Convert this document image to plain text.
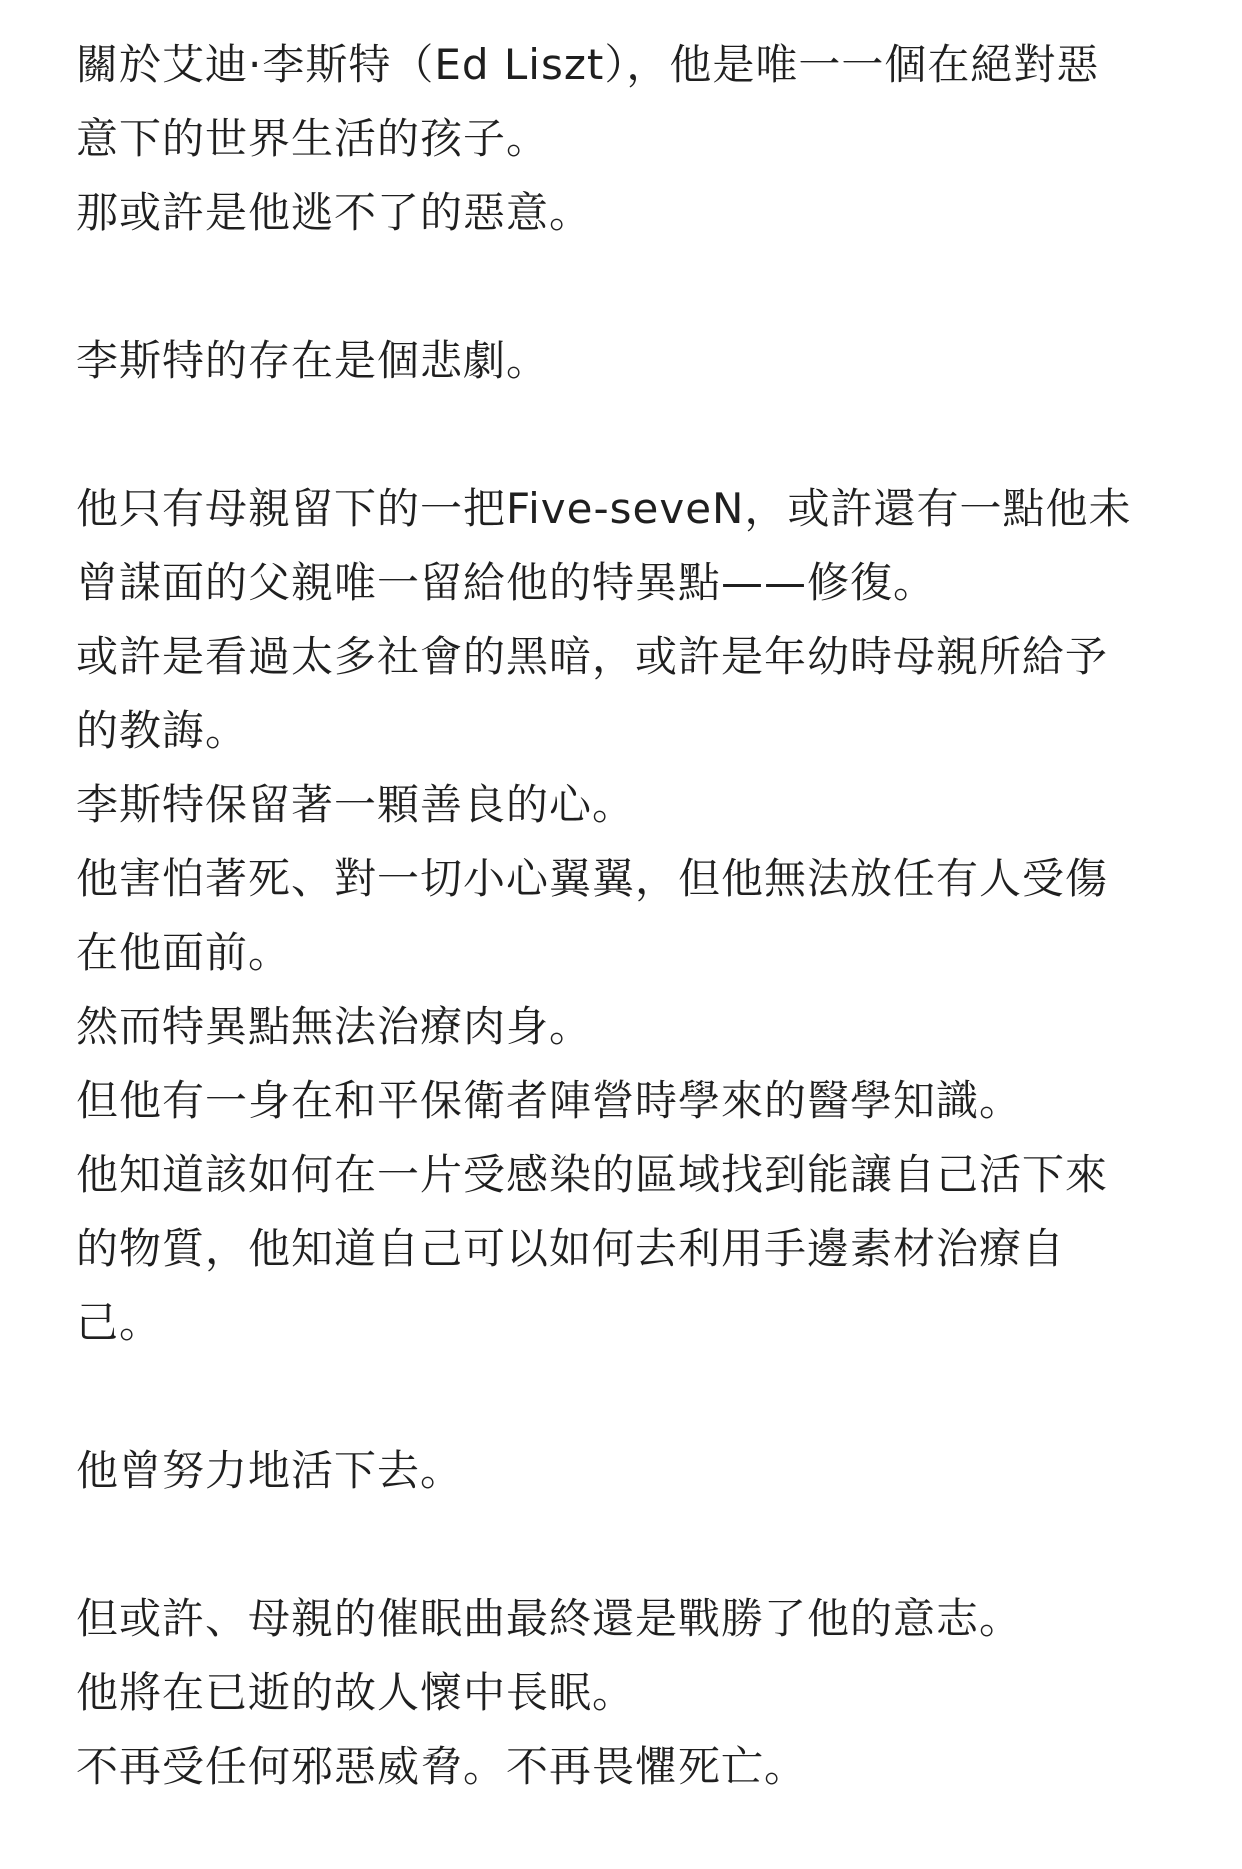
關於艾迪·李斯特（Ed Liszt），他是唯一一個在絕對惡
意下的世界生活的孩子。
那或許是他逃不了的惡意。
李斯特的存在是個悲劇。
他只有母親留下的一把Five-seveN，或許還有一點他未
曾謀面的父親唯一留給他的特異點——修復。
或許是看過太多社會的黑暗，或許是年幼時母親所給予
的教誨。
李斯特保留著一顆善良的心。
他害怕著死、對一切小心翼翼，但他無法放任有人受傷
在他面前。
然而特異點無法治療肉身。
但他有一身在和平保衛者陣營時學來的醫學知識。
他知道該如何在一片受感染的區域找到能讓自己活下來
的物質，他知道自己可以如何去利用手邊素材治療自
己。
他曾努力地活下去。
但或許、母親的催眠曲最終還是戰勝了他的意志。
他將在已逝的故人懷中長眠。
不再受任何邪惡威脅。不再畏懼死亡。
